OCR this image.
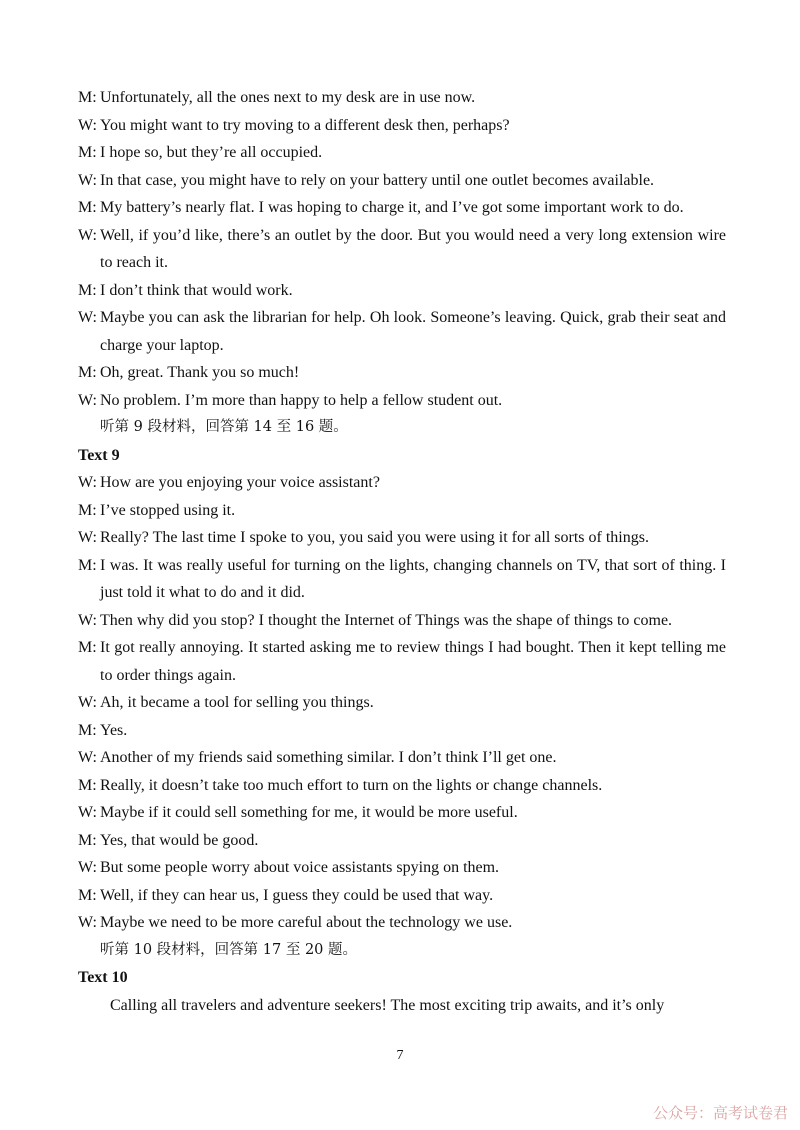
M: Unfortunately, all the ones next to my desk are in use now.
W: You might want to try moving to a different desk then, perhaps?
M: I hope so, but they’re all occupied.
W: In that case, you might have to rely on your battery until one outlet becomes available.
M: My battery’s nearly flat. I was hoping to charge it, and I’ve got some important work to do.
W: Well, if you’d like, there’s an outlet by the door. But you would need a very long extension wire to reach it.
M: I don’t think that would work.
W: Maybe you can ask the librarian for help. Oh look. Someone’s leaving. Quick, grab their seat and charge your laptop.
M: Oh, great. Thank you so much!
W: No problem. I’m more than happy to help a fellow student out.
听第 9 段材料，回答第 14 至 16 题。
Text 9
W: How are you enjoying your voice assistant?
M: I’ve stopped using it.
W: Really? The last time I spoke to you, you said you were using it for all sorts of things.
M: I was. It was really useful for turning on the lights, changing channels on TV, that sort of thing. I just told it what to do and it did.
W: Then why did you stop? I thought the Internet of Things was the shape of things to come.
M: It got really annoying. It started asking me to review things I had bought. Then it kept telling me to order things again.
W: Ah, it became a tool for selling you things.
M: Yes.
W: Another of my friends said something similar. I don’t think I’ll get one.
M: Really, it doesn’t take too much effort to turn on the lights or change channels.
W: Maybe if it could sell something for me, it would be more useful.
M: Yes, that would be good.
W: But some people worry about voice assistants spying on them.
M: Well, if they can hear us, I guess they could be used that way.
W: Maybe we need to be more careful about the technology we use.
听第 10 段材料，回答第 17 至 20 题。
Text 10
Calling all travelers and adventure seekers! The most exciting trip awaits, and it’s only
7
公众号：高考试卷君
